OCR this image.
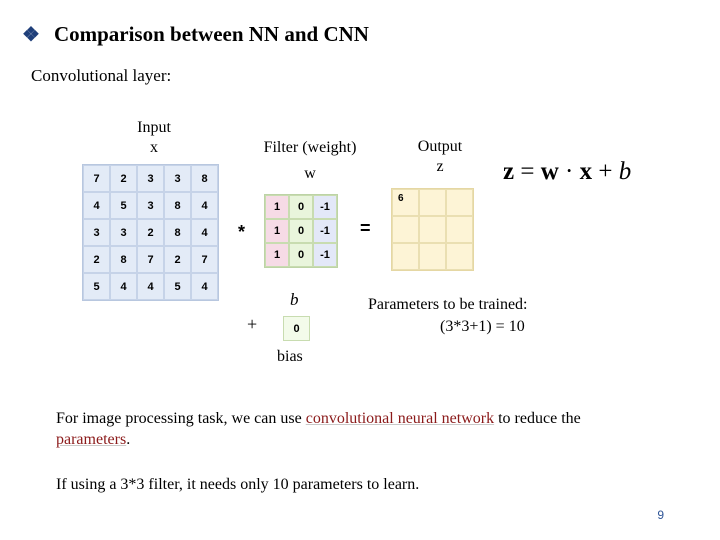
❖ Comparison between NN and CNN
Convolutional layer:
Input
x	Filter (weight)
w
Output
z
7	2	3	3	8
4	5	3	8	4
3	3	2	8	4
2	8	7	2	7
5	4	4	5	4
1	0	-1
1	0	-1
1	0	-1
6
*	=
+
b
0
bias
z = w · x + b
Parameters to be trained:
(3*3+1) = 10
For image processing task, we can use convolutional neural network to reduce the parameters.
If using a 3*3 filter, it needs only 10 parameters to learn.
9
